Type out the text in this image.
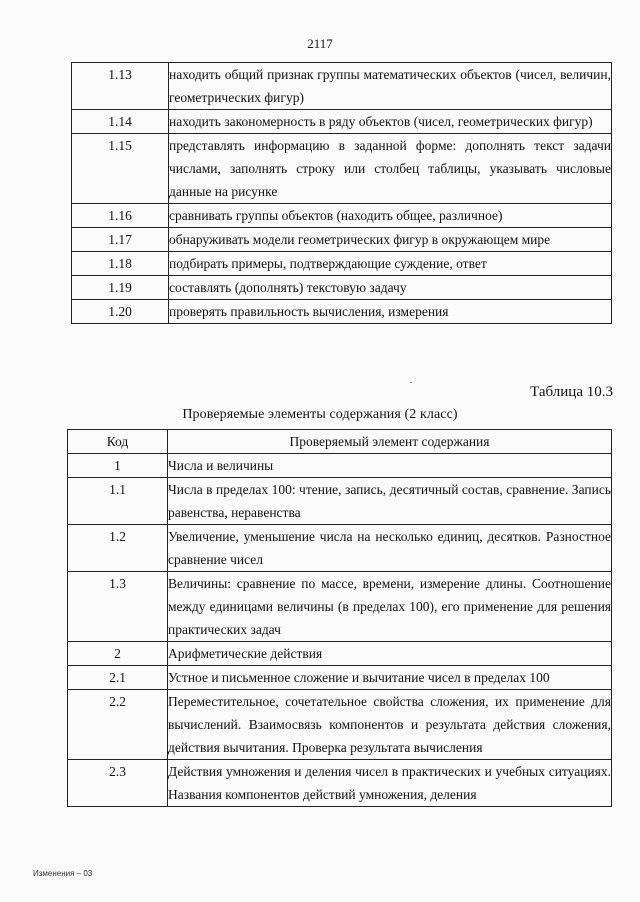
2117
1.13	находить общий признак группы математических объектов (чисел, величин, геометрических фигур)
1.14	находить закономерность в ряду объектов (чисел, геометрических фигур)
1.15	представлять информацию в заданной форме: дополнять текст задачи числами, заполнять строку или столбец таблицы, указывать числовые данные на рисунке
1.16	сравнивать группы объектов (находить общее, различное)
1.17	обнаруживать модели геометрических фигур в окружающем мире
1.18	подбирать примеры, подтверждающие суждение, ответ
1.19	составлять (дополнять) текстовую задачу
1.20	проверять правильность вычисления, измерения
Таблица 10.3
Проверяемые элементы содержания (2 класс)
Код	Проверяемый элемент содержания
1	Числа и величины
1.1	Числа в пределах 100: чтение, запись, десятичный состав, сравнение. Запись равенства, неравенства
1.2	Увеличение, уменьшение числа на несколько единиц, десятков. Разностное сравнение чисел
1.3	Величины: сравнение по массе, времени, измерение длины. Соотношение между единицами величины (в пределах 100), его применение для решения практических задач
2	Арифметические действия
2.1	Устное и письменное сложение и вычитание чисел в пределах 100
2.2	Переместительное, сочетательное свойства сложения, их применение для вычислений. Взаимосвязь компонентов и результата действия сложения, действия вычитания. Проверка результата вычисления
2.3	Действия умножения и деления чисел в практических и учебных ситуациях. Названия компонентов действий умножения, деления
Изменения – 03
